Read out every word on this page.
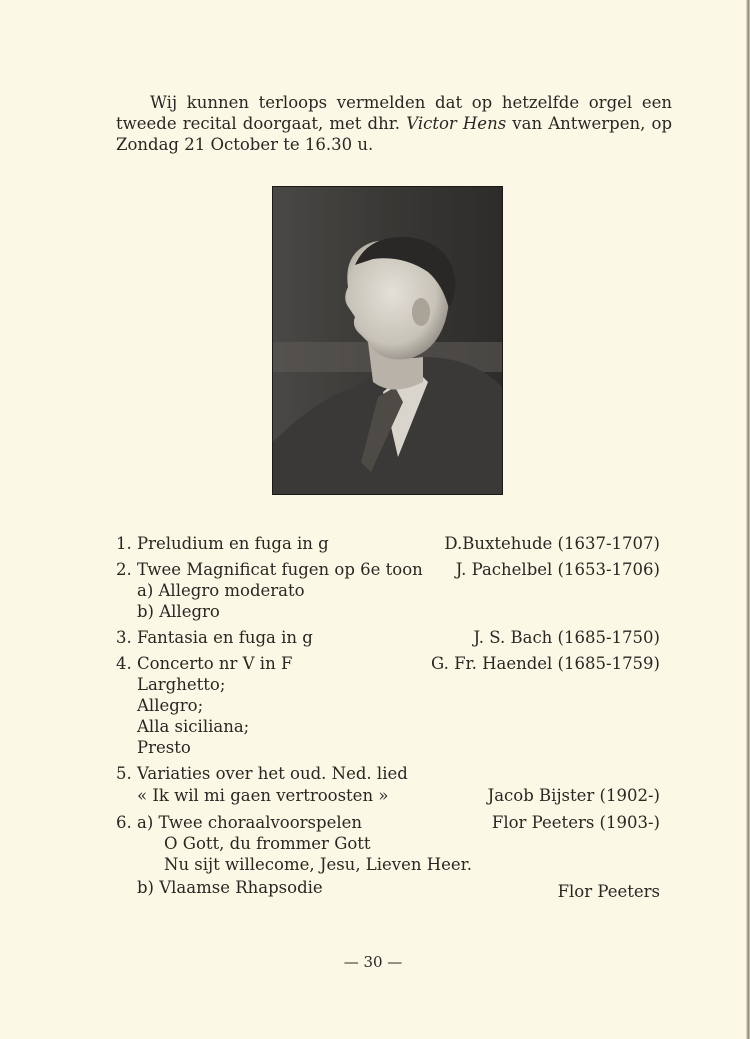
Wij kunnen terloops vermelden dat op hetzelfde orgel een tweede recital doorgaat, met dhr. Victor Hens van Antwerpen, op Zondag 21 October te 16.30 u.

1. Preludium en fuga in g	D.Buxtehude (1637-1707)
2. Twee Magnificat fugen op 6e toon J. Pachelbel (1653-1706)
a) Allegro moderato
b) Allegro
3. Fantasia en fuga in g	J. S. Bach (1685-1750)
4. Concerto nr V in F	G. Fr. Haendel (1685-1759)
Larghetto;
Allegro;
Alla siciliana;
Presto
5. Variaties over het oud. Ned. lied
« Ik wil mi gaen vertroosten »	Jacob Bijster (1902-)
6. a) Twee choraalvoorspelen	Flor Peeters (1903-)
O Gott, du frommer Gott
Nu sijt willecome, Jesu, Lieven Heer.
b) Vlaamse Rhapsodie	Flor Peeters
— 30 —
